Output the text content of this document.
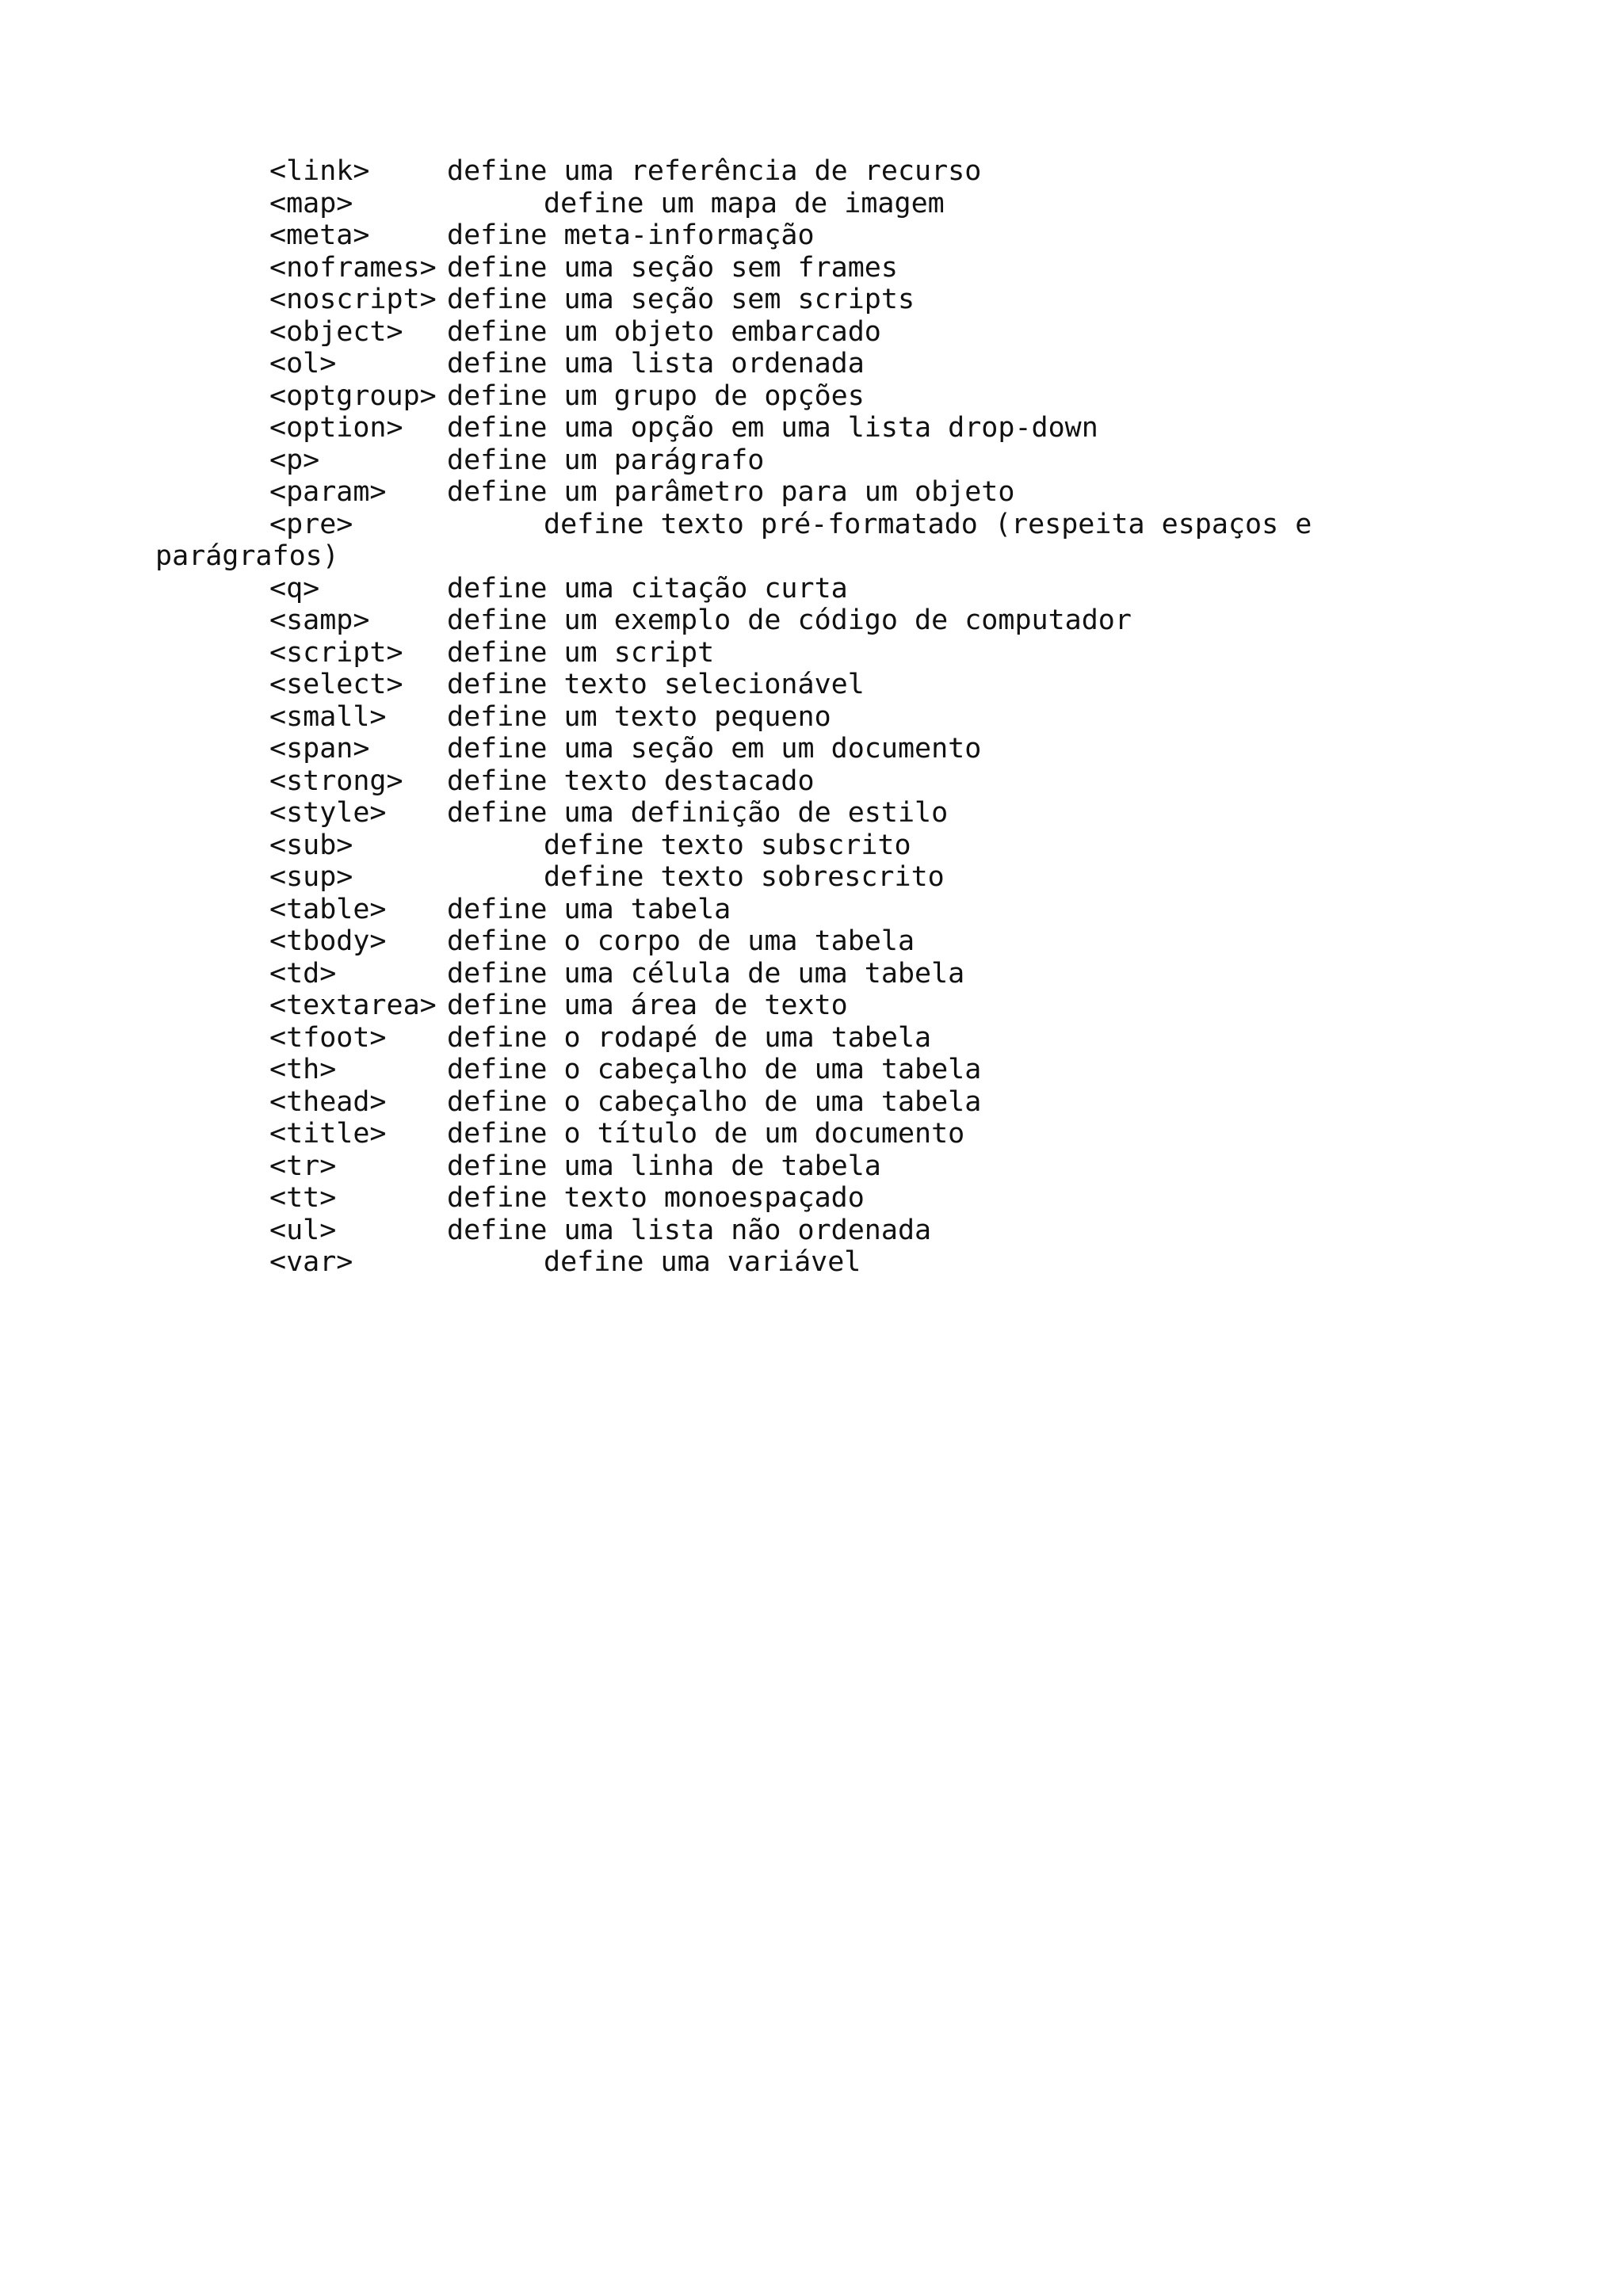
<link>	define uma referência de recurso
<map>	define um mapa de imagem
<meta>	define meta-informação
<noframes> define uma seção sem frames
<noscript> define uma seção sem scripts
<object> define um objeto embarcado
<ol>	define uma lista ordenada
<optgroup> define um grupo de opções
<option> define uma opção em uma lista drop-down
<p>	define um parágrafo
<param> define um parâmetro para um objeto
<pre>	define texto pré-formatado (respeita espaços e
parágrafos)
<q>	define uma citação curta
<samp>	define um exemplo de código de computador
<script> define um script
<select> define texto selecionável
<small> define um texto pequeno
<span>	define uma seção em um documento
<strong> define texto destacado
<style> define uma definição de estilo
<sub>	define texto subscrito
<sup>	define texto sobrescrito
<table> define uma tabela
<tbody> define o corpo de uma tabela
<td>	define uma célula de uma tabela
<textarea> define uma área de texto
<tfoot> define o rodapé de uma tabela
<th>	define o cabeçalho de uma tabela
<thead> define o cabeçalho de uma tabela
<title> define o título de um documento
<tr>	define uma linha de tabela
<tt>	define texto monoespaçado
<ul>	define uma lista não ordenada
<var>	define uma variável
